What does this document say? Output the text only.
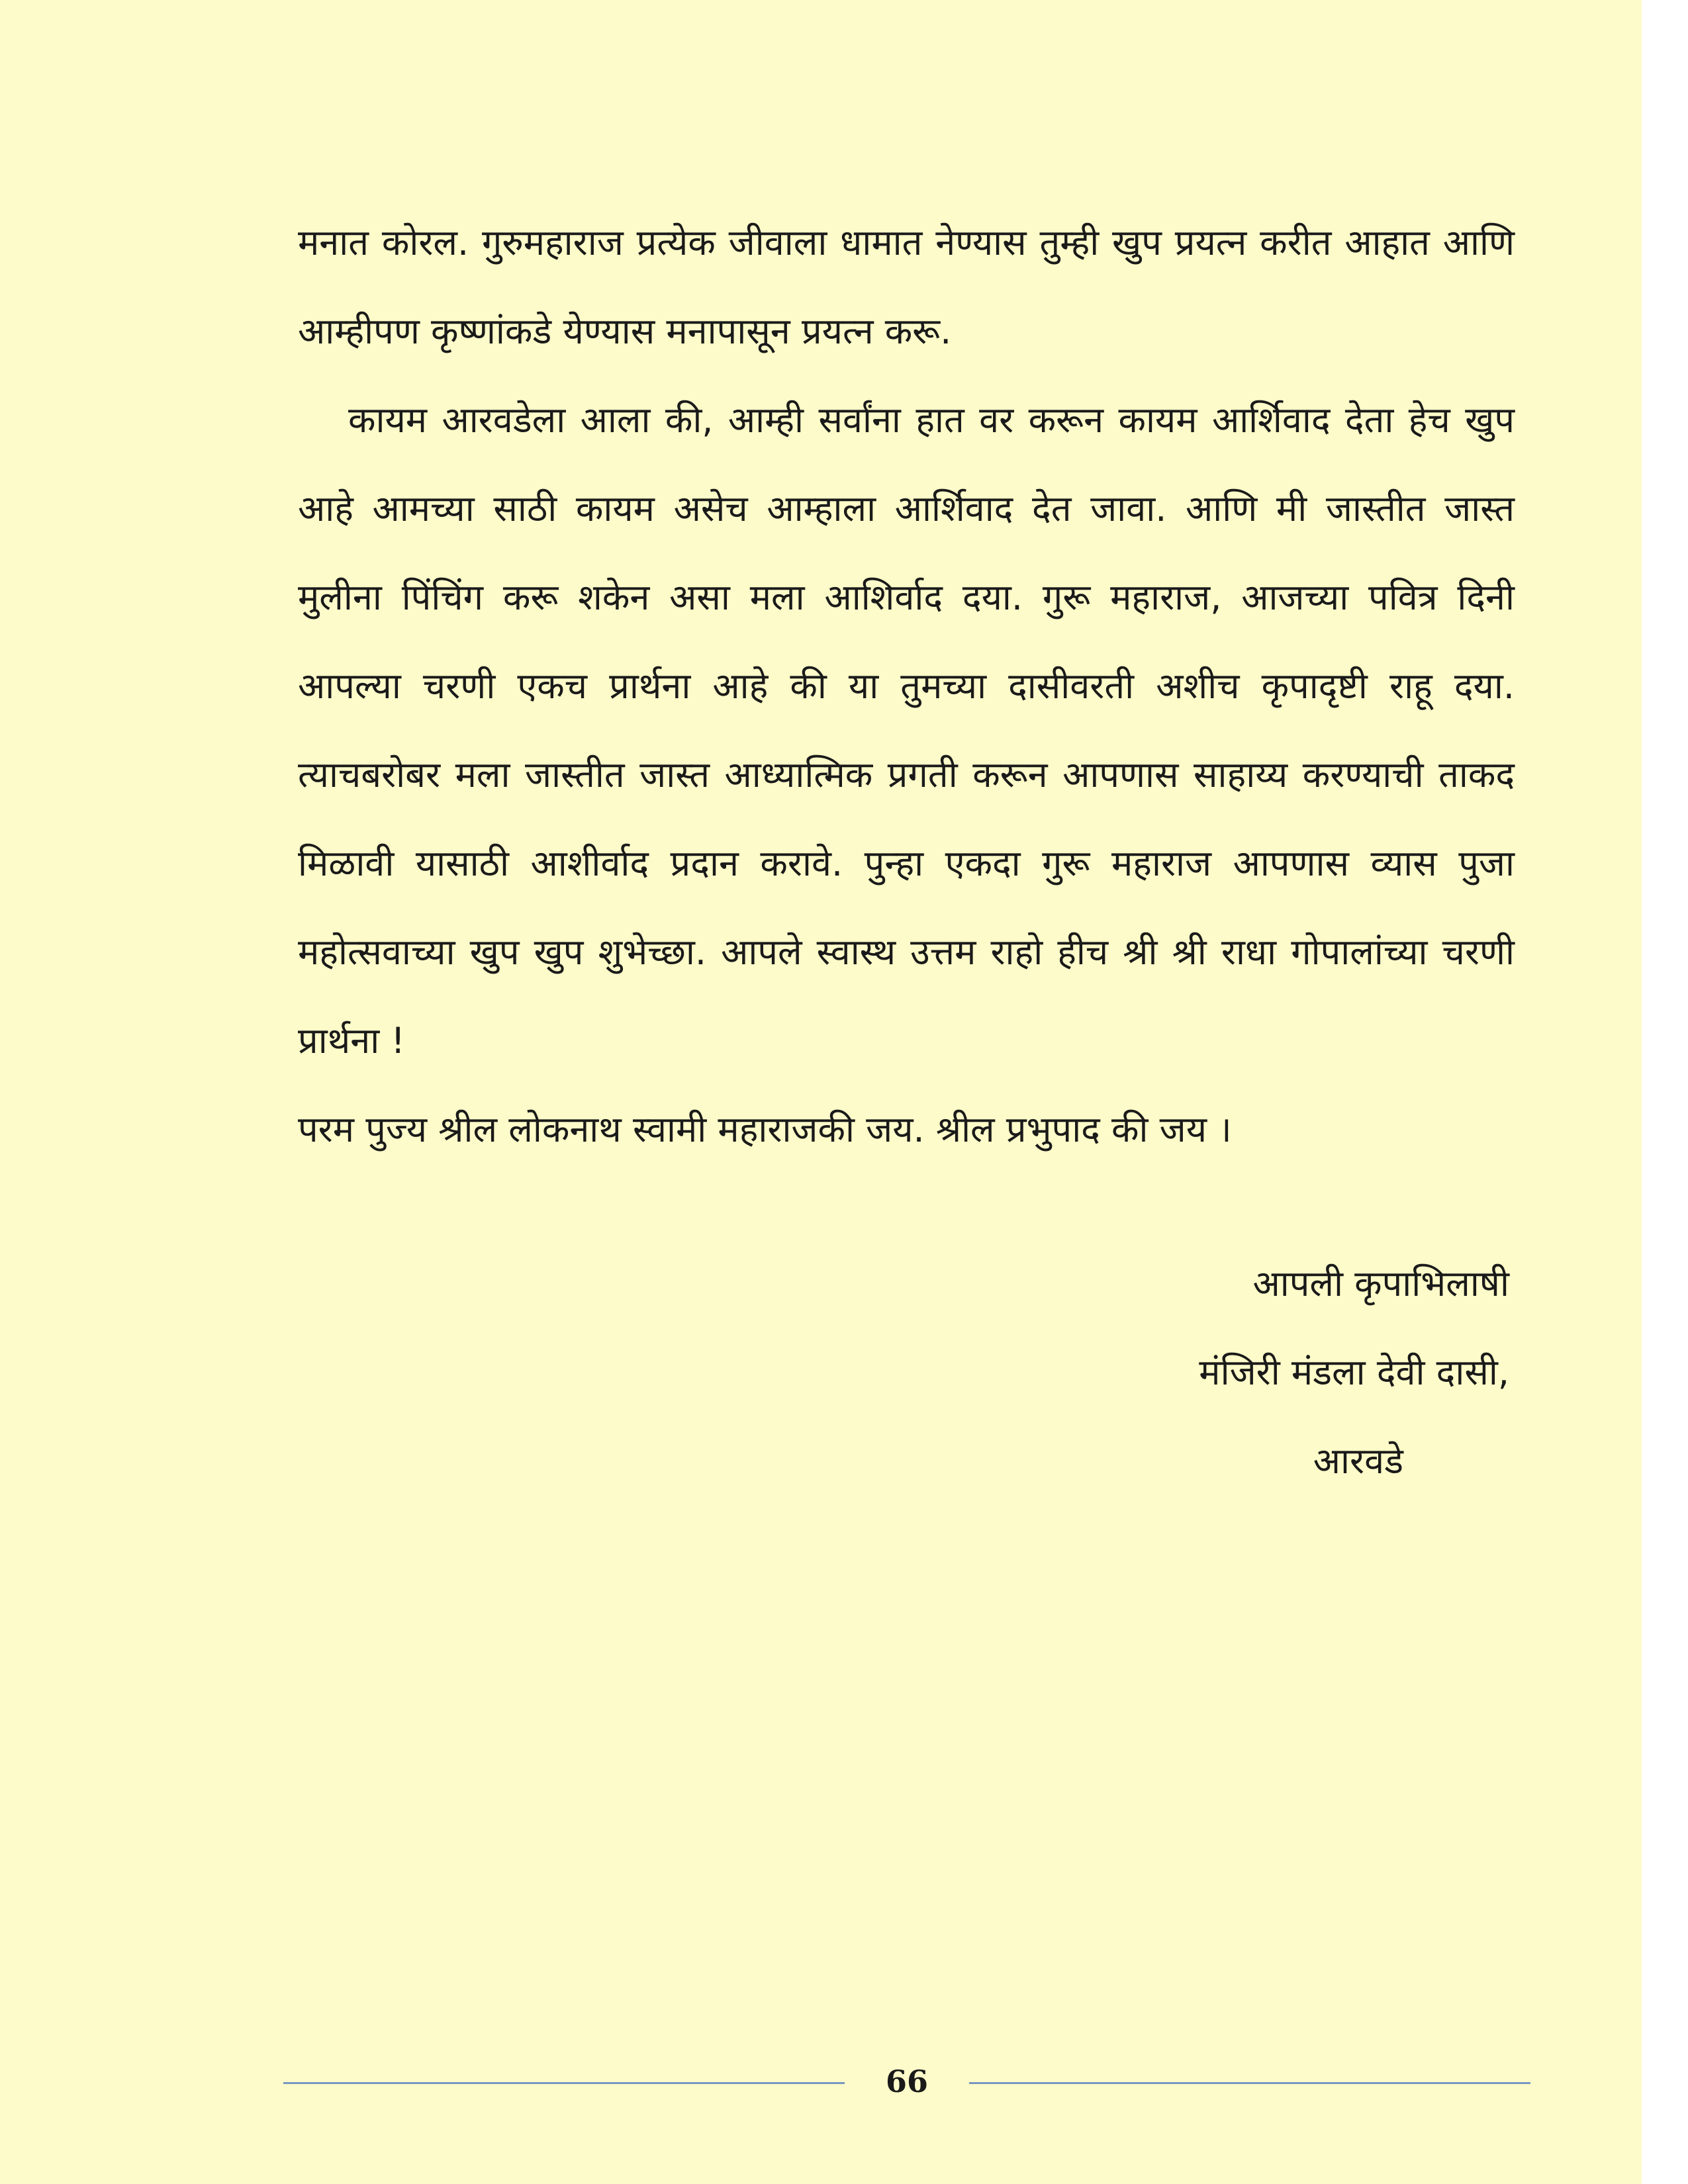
मनात कोरल. गुरुमहाराज प्रत्येक जीवाला धामात नेण्यास तुम्ही खुप प्रयत्न करीत आहात आणि आम्हीपण कृष्णांकडे येण्यास मनापासून प्रयत्न करू.

कायम आरवडेला आला की, आम्ही सर्वांना हात वर करून कायम आर्शिवाद देता हेच खुप आहे आमच्या साठी कायम असेच आम्हाला आर्शिवाद देत जावा. आणि मी जास्तीत जास्त मुलीना पिंचिंग करू शकेन असा मला आशिर्वाद दया. गुरू महाराज, आजच्या पवित्र दिनी आपल्या चरणी एकच प्रार्थना आहे की या तुमच्या दासीवरती अशीच कृपादृष्टी राहू दया. त्याचबरोबर मला जास्तीत जास्त आध्यात्मिक प्रगती करून आपणास साहाय्य करण्याची ताकद मिळावी यासाठी आशीर्वाद प्रदान करावे. पुन्हा एकदा गुरू महाराज आपणास व्यास पुजा महोत्सवाच्या खुप खुप शुभेच्छा. आपले स्वास्थ उत्तम राहो हीच श्री श्री राधा गोपालांच्या चरणी प्रार्थना !

परम पुज्य श्रील लोकनाथ स्वामी महाराजकी जय. श्रील प्रभुपाद की जय ।

आपली कृपाभिलाषी
मंजिरी मंडला देवी दासी,
आरवडे
66
